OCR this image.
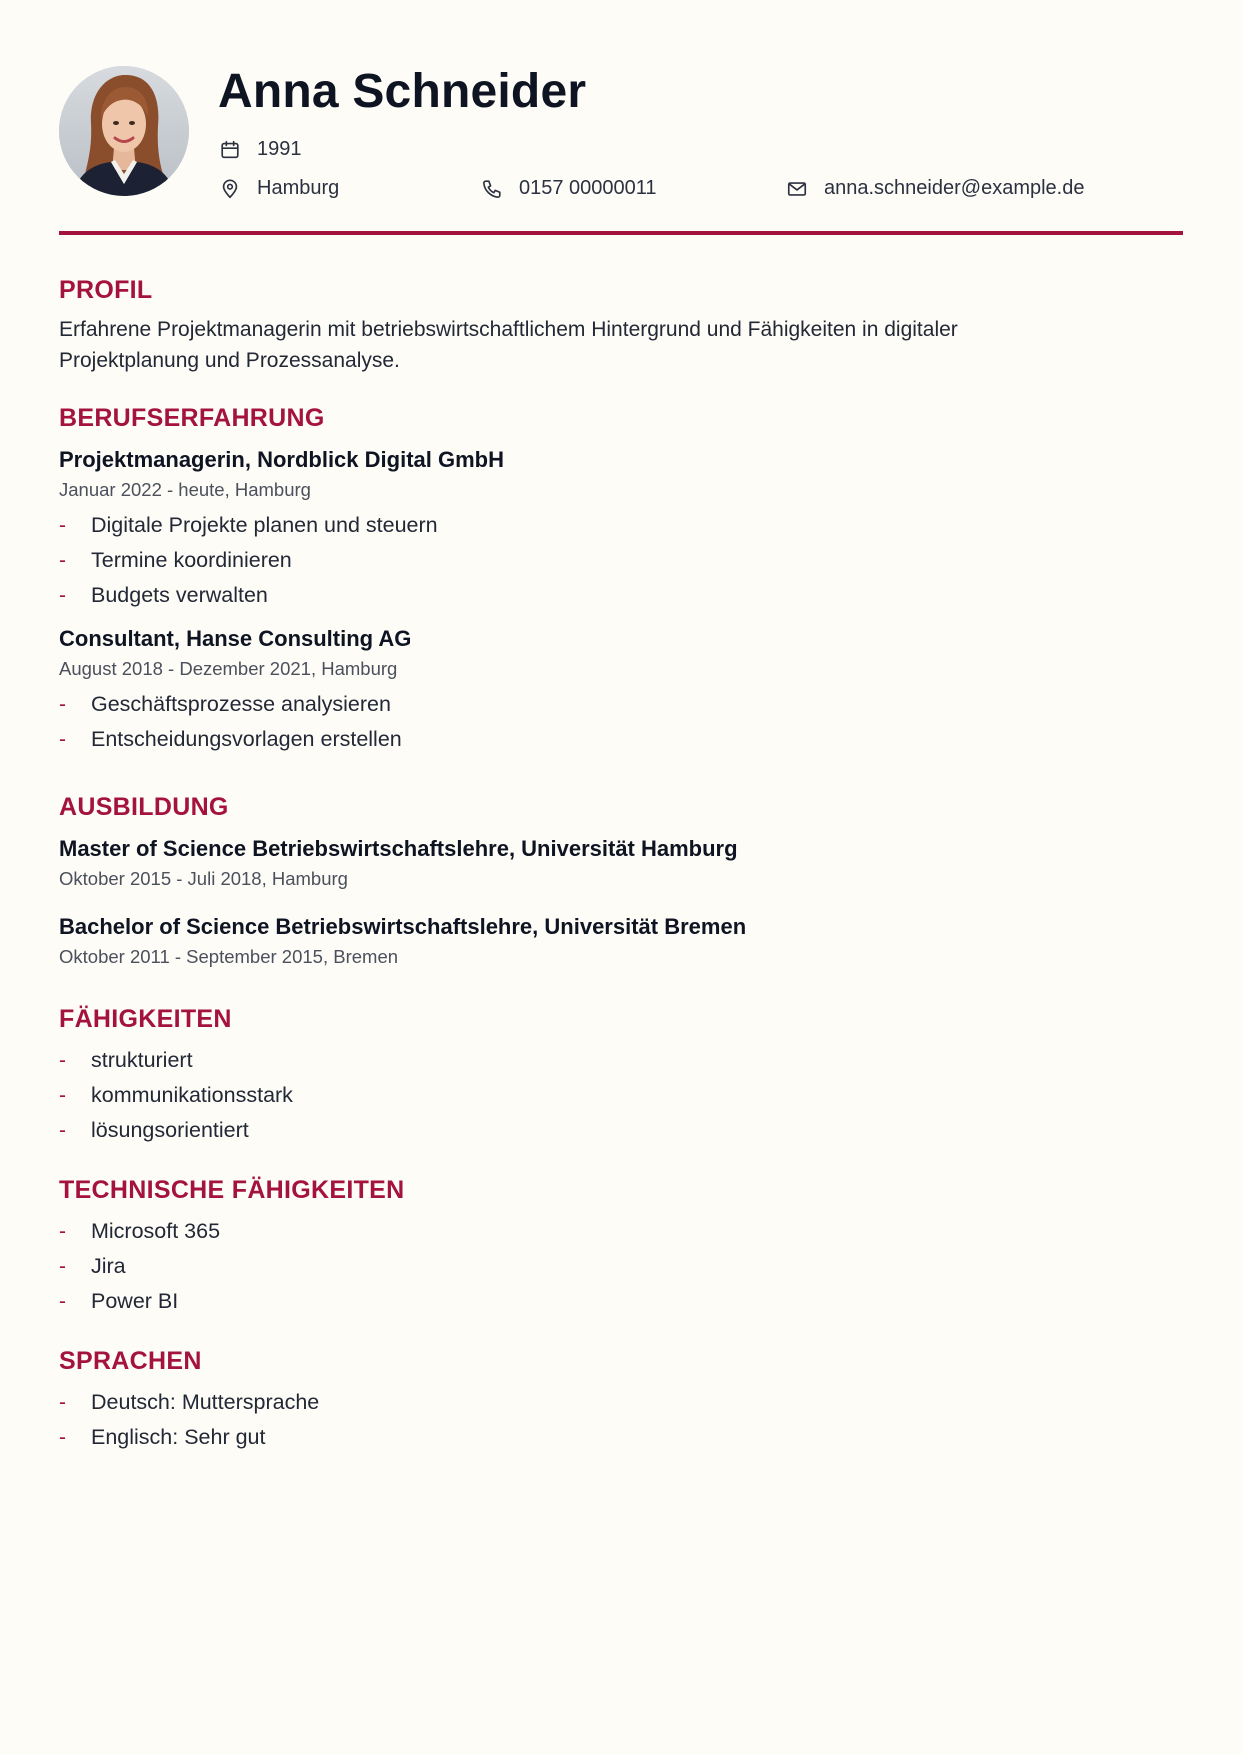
Anna Schneider
1991
Hamburg	0157 00000011	anna.schneider@example.de
PROFIL

Erfahrene Projektmanagerin mit betriebswirtschaftlichem Hintergrund und Fähigkeiten in digitaler Projektplanung und Prozessanalyse.

BERUFSERFAHRUNG
Projektmanagerin, Nordblick Digital GmbH
Januar 2022 - heute, Hamburg
- Digitale Projekte planen und steuern
- Termine koordinieren
- Budgets verwalten
Consultant, Hanse Consulting AG
August 2018 - Dezember 2021, Hamburg
- Geschäftsprozesse analysieren
- Entscheidungsvorlagen erstellen
AUSBILDUNG
Master of Science Betriebswirtschaftslehre, Universität Hamburg
Oktober 2015 - Juli 2018, Hamburg
Bachelor of Science Betriebswirtschaftslehre, Universität Bremen
Oktober 2011 - September 2015, Bremen
FÄHIGKEITEN
- strukturiert
- kommunikationsstark
- lösungsorientiert
TECHNISCHE FÄHIGKEITEN
- Microsoft 365
- Jira
- Power BI
SPRACHEN
- Deutsch: Muttersprache
- Englisch: Sehr gut
